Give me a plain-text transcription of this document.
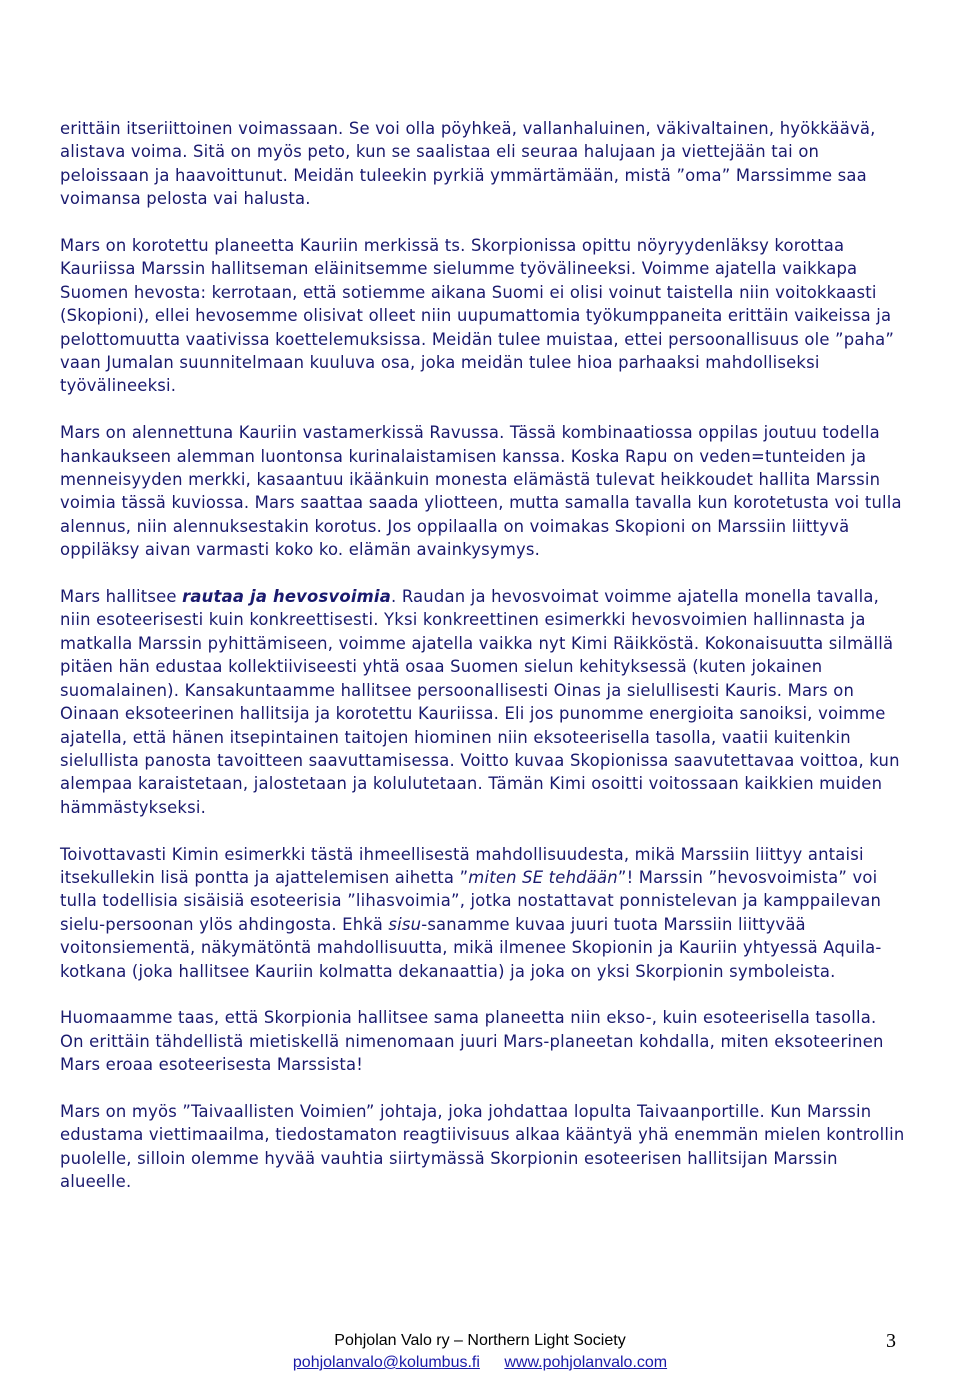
Pohjolan Valo ry – Northern Light Society
Teemakuukaudet 8
Skorpioni-Jousimies

erittäin itseriittoinen voimassaan. Se voi olla pöyhkeä, vallanhaluinen, väkivaltainen, hyökkäävä, alistava voima. Sitä on myös peto, kun se saalistaa eli seuraa halujaan ja viettejään tai on peloissaan ja haavoittunut. Meidän tuleekin pyrkiä ymmärtämään, mistä ”oma” Marssimme saa voimansa pelosta vai halusta.

Mars on korotettu planeetta Kauriin merkissä ts. Skorpionissa opittu nöyryydenläksy korottaa Kauriissa Marssin hallitseman eläinitsemme sielumme työvälineeksi. Voimme ajatella vaikkapa Suomen hevosta: kerrotaan, että sotiemme aikana Suomi ei olisi voinut taistella niin voitokkaasti (Skopioni), ellei hevosemme olisivat olleet niin uupumattomia työkumppaneita erittäin vaikeissa ja pelottomuutta vaativissa koettelemuksissa. Meidän tulee muistaa, ettei persoonallisuus ole ”paha” vaan Jumalan suunnitelmaan kuuluva osa, joka meidän tulee hioa parhaaksi mahdolliseksi työvälineeksi.

Mars on alennettuna Kauriin vastamerkissä Ravussa. Tässä kombinaatiossa oppilas joutuu todella hankaukseen alemman luontonsa kurinalaistamisen kanssa. Koska Rapu on veden=tunteiden ja menneisyyden merkki, kasaantuu ikäänkuin monesta elämästä tulevat heikkoudet hallita Marssin voimia tässä kuviossa. Mars saattaa saada yliotteen, mutta samalla tavalla kun korotetusta voi tulla alennus, niin alennuksestakin korotus. Jos oppilaalla on voimakas Skopioni on Marssiin liittyvä oppiläksy aivan varmasti koko ko. elämän avainkysymys.

Mars hallitsee rautaa ja hevosvoimia. Raudan ja hevosvoimat voimme ajatella monella tavalla, niin esoteerisesti kuin konkreettisesti. Yksi konkreettinen esimerkki hevosvoimien hallinnasta ja matkalla Marssin pyhittämiseen, voimme ajatella vaikka nyt Kimi Räikköstä. Kokonaisuutta silmällä pitäen hän edustaa kollektiiviseesti yhtä osaa Suomen sielun kehityksessä (kuten jokainen suomalainen). Kansakuntaamme hallitsee persoonallisesti Oinas ja sielullisesti Kauris. Mars on Oinaan eksoteerinen hallitsija ja korotettu Kauriissa. Eli jos punomme energioita sanoiksi, voimme ajatella, että hänen itsepintainen taitojen hiominen niin eksoteerisella tasolla, vaatii kuitenkin sielullista panosta tavoitteen saavuttamisessa. Voitto kuvaa Skopionissa saavutettavaa voittoa, kun alempaa karaistetaan, jalostetaan ja kolulutetaan. Tämän Kimi osoitti voitossaan kaikkien muiden hämmästykseksi.

Toivottavasti Kimin esimerkki tästä ihmeellisestä mahdollisuudesta, mikä Marssiin liittyy antaisi itsekullekin lisä pontta ja ajattelemisen aihetta ”miten SE tehdään”! Marssin ”hevosvoimista” voi tulla todellisia sisäisiä esoteerisia ”lihasvoimia”, jotka nostattavat ponnistelevan ja kamppailevan sielu-persoonan ylös ahdingosta. Ehkä sisu-sanamme kuvaa juuri tuota Marssiin liittyvää voitonsiementä, näkymätöntä mahdollisuutta, mikä ilmenee Skopionin ja Kauriin yhtyessä Aquila-kotkana (joka hallitsee Kauriin kolmatta dekanaattia) ja joka on yksi Skorpionin symboleista.

Huomaamme taas, että Skorpionia hallitsee sama planeetta niin ekso-, kuin esoteerisella tasolla. On erittäin tähdellistä mietiskellä nimenomaan juuri Mars-planeetan kohdalla, miten eksoteerinen Mars eroaa esoteerisesta Marssista!

Mars on myös ”Taivaallisten Voimien” johtaja, joka johdattaa lopulta Taivaanportille. Kun Marssin edustama viettimaailma, tiedostamaton reagtiivisuus alkaa kääntyä yhä enemmän mielen kontrollin puolelle, silloin olemme hyvää vauhtia siirtymässä Skorpionin esoteerisen hallitsijan Marssin alueelle.

Pohjolan Valo ry – Northern Light Society
pohjolanvalo@kolumbus.fi www.pohjolanvalo.com
3
